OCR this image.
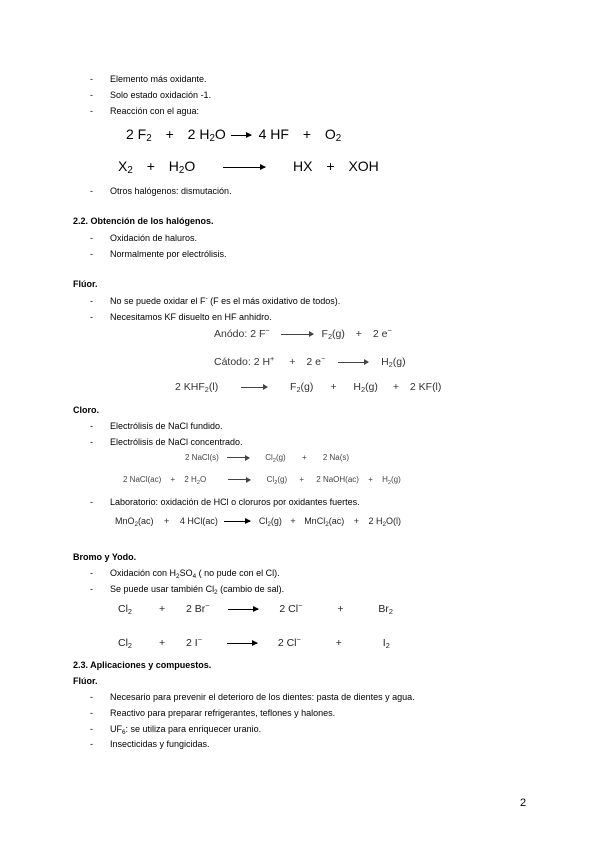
- Elemento más oxidante.
- Solo estado oxidación -1.
- Reacción con el agua:
2 $F_2 + 2$ $H_2O \to 4$ HF + $O_2$
$X_2 + H_2O$	HX + XOH
- Otros halógenos: dismutación.
2.2. Obtención de los halógenos.
- Oxidación de haluros.
- Normalmente por electrólisis.
Flúor.
- No se puede oxidar el F- (F es el más oxidativo de todos).
- Necesitamos KF disuelto en HF anhidro.
Anódo: 2 $F^- \to F_2(g) + 2$ e−
Cátodo: 2 H+ + 2 $e^- \to H_2(g)$
2 $KHF_2(l)$	$F_2(g) + H_2(g) + 2$ KF(l)
Cloro.
- Electrólisis de NaCl fundido.
- Electrólisis de NaCl concentrado.
2 NaCl(s) → $Cl_2(g) + 2$ Na(s)
2 NaCl(ac) + 2 $H_2O$	$Cl_2(g) + 2$ NaOH(ac) + $H_2(g)$
- Laboratorio: oxidación de HCl o cloruros por oxidantes fuertes.
MnO$_2$(ac) + 4 $HCl(ac) \to Cl_2(g)$ + MnCl$_2$(ac) + 2 $H_2O(l)$
Bromo y Yodo.
- Oxidación con $H_2SO_4$ ( no pude con el Cl).
- Se puede usar también $Cl_2$ (cambio de sal).
$Cl_2$	+ 2 Br−	2 Cl−	+	$Br_2$
$Cl_2$	+ 2 I−	2 Cl−	+	$I_2$
2.3. Aplicaciones y compuestos.
Flúor.
- Necesario para prevenir el deterioro de los dientes: pasta de dientes y agua.
- Reactivo para preparar refrigerantes, teflones y halones.
- $UF_6$: se utiliza para enriquecer uranio.
- Insecticidas y fungicidas.
2
